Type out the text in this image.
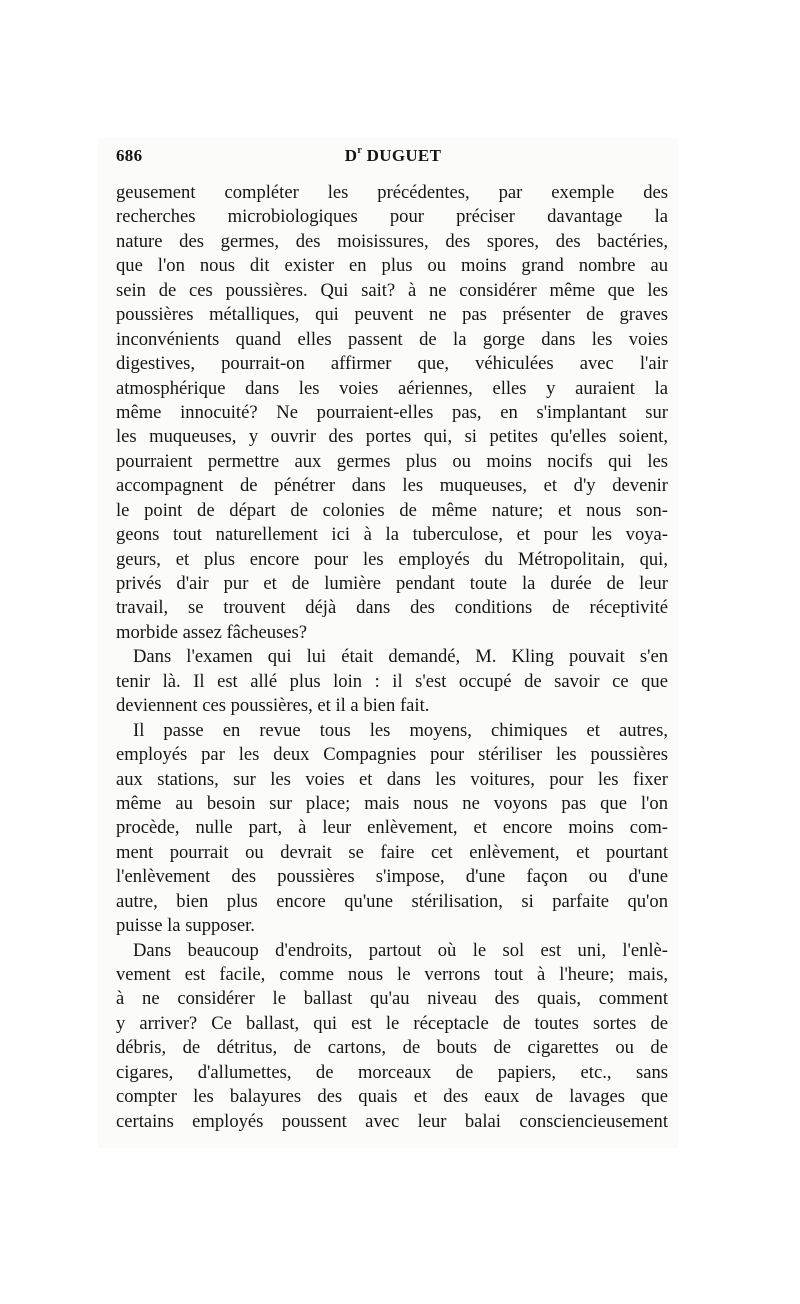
686	$D^r$ DUGUET
geusement compléter les précédentes, par exemple des
recherches microbiologiques pour préciser davantage la
nature des germes, des moisissures, des spores, des bactéries,
que l'on nous dit exister en plus ou moins grand nombre au
sein de ces poussières. Qui sait? à ne considérer même que les
poussières métalliques, qui peuvent ne pas présenter de graves
inconvénients quand elles passent de la gorge dans les voies
digestives, pourrait-on affirmer que, véhiculées avec l'air
atmosphérique dans les voies aériennes, elles y auraient la
même innocuité? Ne pourraient-elles pas, en s'implantant sur
les muqueuses, y ouvrir des portes qui, si petites qu'elles soient,
pourraient permettre aux germes plus ou moins nocifs qui les
accompagnent de pénétrer dans les muqueuses, et d'y devenir
le point de départ de colonies de même nature; et nous son-
geons tout naturellement ici à la tuberculose, et pour les voya-
geurs, et plus encore pour les employés du Métropolitain, qui,
privés d'air pur et de lumière pendant toute la durée de leur
travail, se trouvent déjà dans des conditions de réceptivité
morbide assez fâcheuses?
Dans l'examen qui lui était demandé, M. Kling pouvait s'en
tenir là. Il est allé plus loin : il s'est occupé de savoir ce que
deviennent ces poussières, et il a bien fait.
Il passe en revue tous les moyens, chimiques et autres,
employés par les deux Compagnies pour stériliser les poussières
aux stations, sur les voies et dans les voitures, pour les fixer
même au besoin sur place; mais nous ne voyons pas que l'on
procède, nulle part, à leur enlèvement, et encore moins com-
ment pourrait ou devrait se faire cet enlèvement, et pourtant
l'enlèvement des poussières s'impose, d'une façon ou d'une
autre, bien plus encore qu'une stérilisation, si parfaite qu'on
puisse la supposer.
Dans beaucoup d'endroits, partout où le sol est uni, l'enlè-
vement est facile, comme nous le verrons tout à l'heure; mais,
à ne considérer le ballast qu'au niveau des quais, comment
y arriver? Ce ballast, qui est le réceptacle de toutes sortes de
débris, de détritus, de cartons, de bouts de cigarettes ou de
cigares, d'allumettes, de morceaux de papiers, etc., sans
compter les balayures des quais et des eaux de lavages que
certains employés poussent avec leur balai consciencieusement
